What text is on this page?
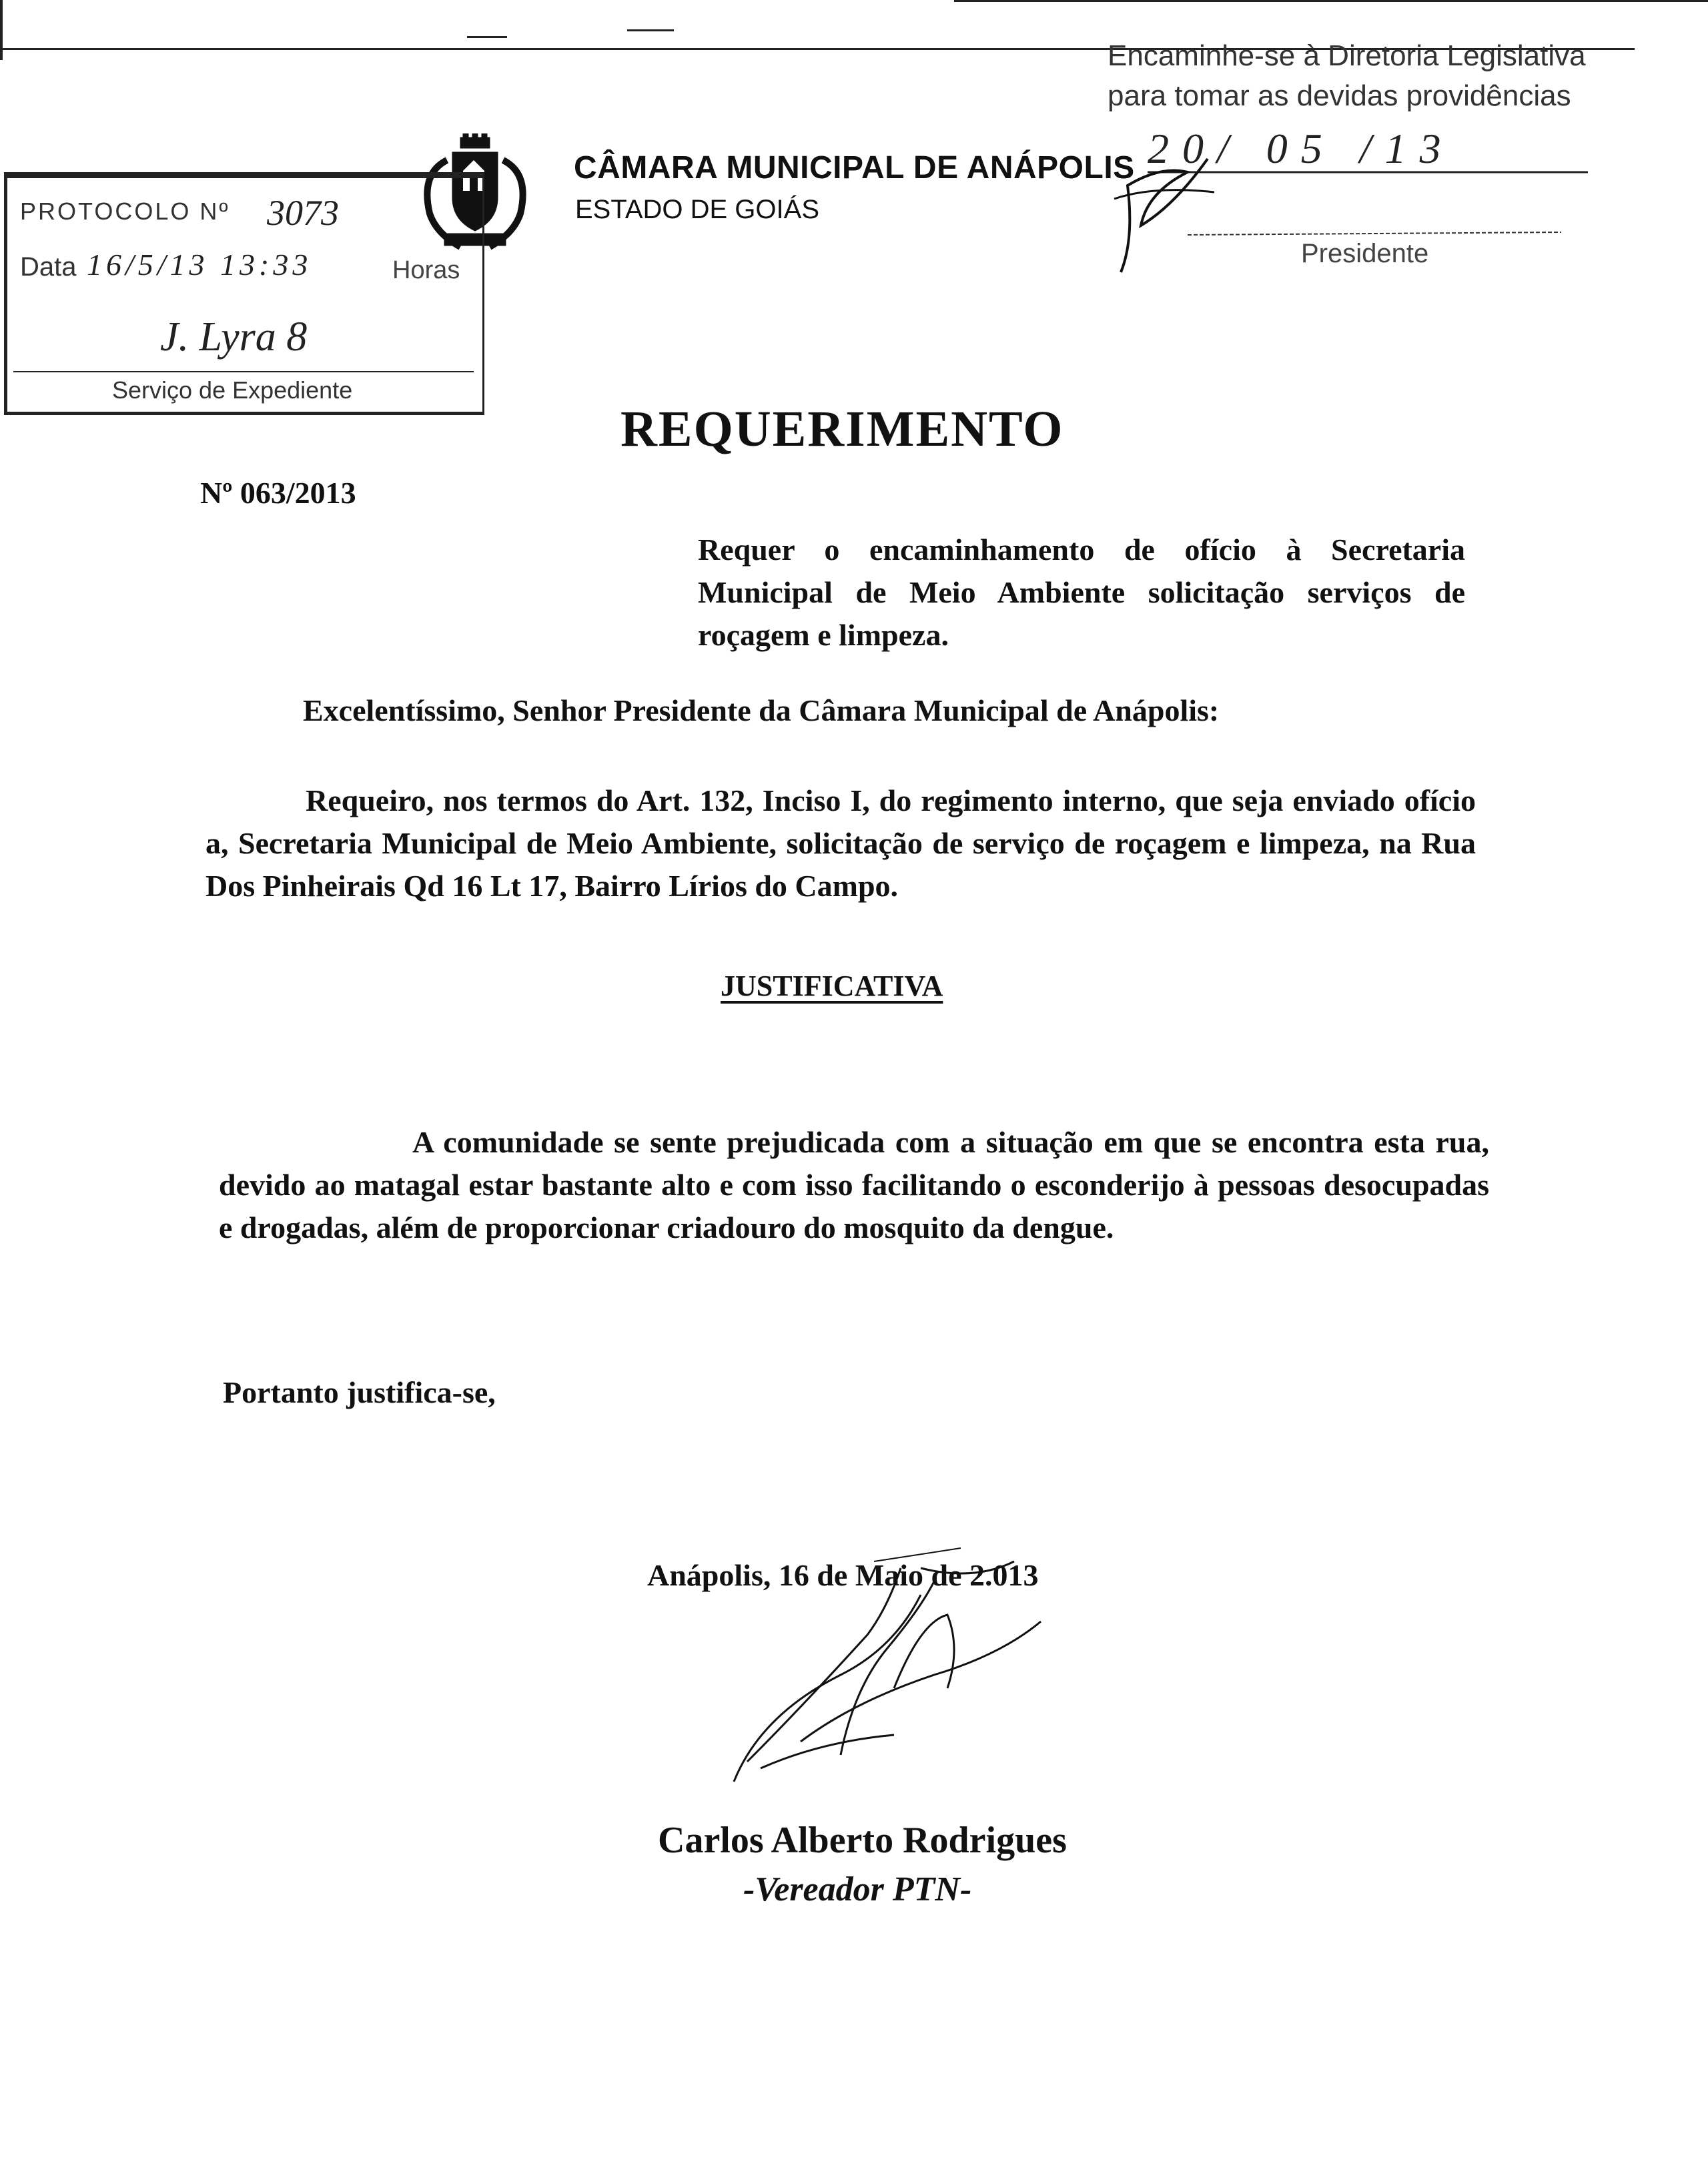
CÂMARA MUNICIPAL DE ANÁPOLIS
ESTADO DE GOIÁS
Encaminhe-se à Diretoria Legislativa
para tomar as devidas providências
20/ 05 /13
Presidente
PROTOCOLO Nº 3073
Data 16/5/13 13:33	Horas
J. Lyra 8
Serviço de Expediente
REQUERIMENTO
Nº 063/2013
Requer o encaminhamento de ofício à Secretaria Municipal de Meio Ambiente solicitação serviços de roçagem e limpeza.
Excelentíssimo, Senhor Presidente da Câmara Municipal de Anápolis:
Requeiro, nos termos do Art. 132, Inciso I, do regimento interno, que seja enviado ofício a, Secretaria Municipal de Meio Ambiente, solicitação de serviço de roçagem e limpeza, na Rua Dos Pinheirais Qd 16 Lt 17, Bairro Lírios do Campo.
JUSTIFICATIVA
A comunidade se sente prejudicada com a situação em que se encontra esta rua, devido ao matagal estar bastante alto e com isso facilitando o esconderijo à pessoas desocupadas e drogadas, além de proporcionar criadouro do mosquito da dengue.
Portanto justifica-se,
Anápolis, 16 de Maio de 2.013
Carlos Alberto Rodrigues
-Vereador PTN-
